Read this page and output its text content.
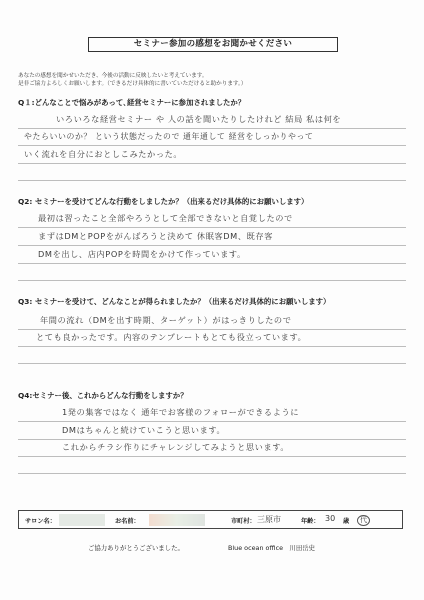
セミナー参加の感想をお聞かせください
あなたの感想を聞かせいただき、今後の活動に反映したいと考えています。
是非ご協力よろしくお願いします。（できるだけ具体的に書いていただけると助かります。）
Q１:どんなことで悩みがあって､経営セミナーに参加されましたか？
いろいろな経営セミナー や 人の話を聞いたりしたけれど 結局 私は何を
やたらいいのか？ という状態だったので 通年通して 経営をしっかりやって
いく流れを自分におとしこみたかった。
Q2: セミナーを受けてどんな行動をしましたか？（出来るだけ具体的にお願いします）
最初は習ったこと全部やろうとして全部できないと自覚したので
まずはDMとPOPをがんばろうと決めて 休眠客DM、既存客
DMを出し、店内POPを時間をかけて作っています。
Q3: セミナーを受けて、どんなことが得られましたか？（出来るだけ具体的にお願いします）
年間の流れ（DMを出す時期、ターゲット）がはっきりしたので
とても良かったです。内容のテンプレートもとても役立っています。
Q4:セミナー後、これからどんな行動をしますか？
1発の集客ではなく 通年でお客様のフォローができるように
DMはちゃんと続けていこうと思います。
これからチラシ作りにチャレンジしてみようと思います。
サロン名：	お名前：	市町村： 三原市	年齢： 30 歳	代
ご協力ありがとうございました。	Blue ocean office　川田岳史
